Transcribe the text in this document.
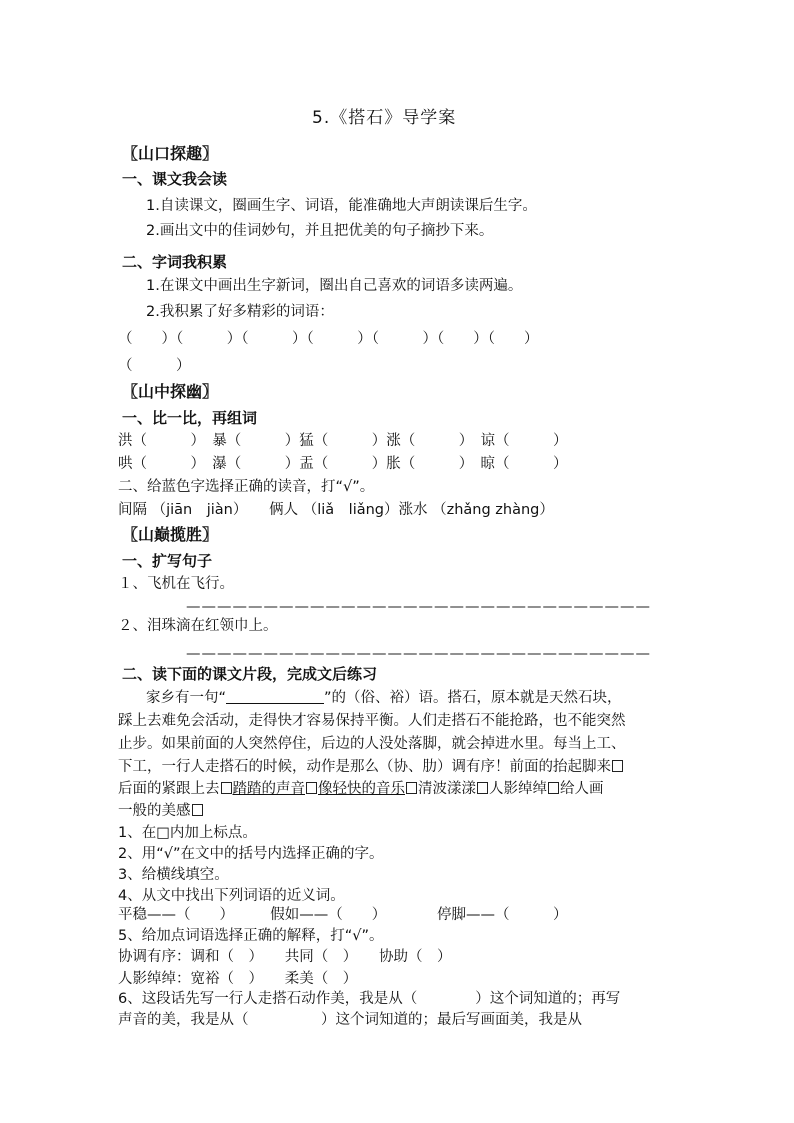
5.《搭石》导学案
〖山口探趣〗
一、课文我会读
1.自读课文，圈画生字、词语，能准确地大声朗读课后生字。
2.画出文中的佳词妙句，并且把优美的句子摘抄下来。
二、字词我积累
1.在课文中画出生字新词，圈出自己喜欢的词语多读两遍。
2.我积累了好多精彩的词语：
（　　）（　　　）（　　　）（　　　）（　　　）（　　）（　　）
（　　　）
〖山中探幽〗
一、比一比，再组词
洪（　　　）　暴（　　　）猛（　　　）涨（　　　）　谅（　　　）
哄（　　　）　瀑（　　　）盂（　　　）胀（　　　）　晾（　　　）
二、给蓝色字选择正确的读音，打“√”。
间隔 （jiān　jiàn）　　俩人 （liǎ　liǎng）涨水 （zhǎng zhàng）
〖山巅揽胜〗
一、扩写句子
１、飞机在飞行。
——————————————————————————————
２、泪珠滴在红领巾上。
——————————————————————————————
二、读下面的课文片段，完成文后练习
家乡有一句“	”的（俗、裕）语。搭石，原本就是天然石块，
踩上去难免会活动，走得快才容易保持平衡。人们走搭石不能抢路，也不能突然
止步。如果前面的人突然停住，后边的人没处落脚，就会掉进水里。每当上工、
下工，一行人走搭石的时候，动作是那么（协、肋）调有序！前面的抬起脚来
后面的紧跟上去 踏踏的声音 像轻快的音乐 清波漾漾 人影绰绰 给人画
一般的美感
1、在□内加上标点。
2、用“√”在文中的括号内选择正确的字。
3、给横线填空。
4、从文中找出下列词语的近义词。
平稳——（　　）　　　假如——（　　）　　　　停脚——（　　　）
5、给加点词语选择正确的解释，打“√”。
协调有序：调和（　）　　共同（　）　　协助（　）
人影绰绰：宽裕（　）　　柔美（　）
6、这段话先写一行人走搭石动作美，我是从（　　　　）这个词知道的；再写
声音的美，我是从（　　　　　）这个词知道的；最后写画面美，我是从
